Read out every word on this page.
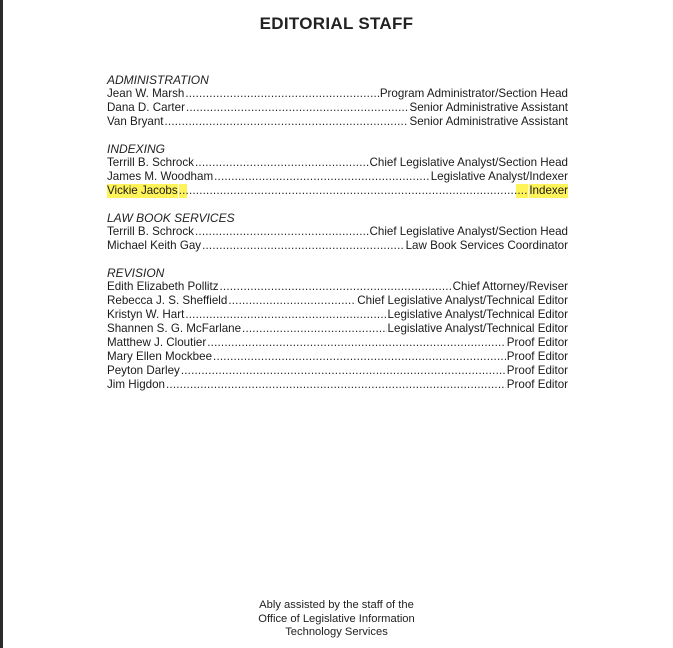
EDITORIAL STAFF
ADMINISTRATION
Jean W. Marsh .....	Program Administrator/Section Head
Dana D. Carter .....	Senior Administrative Assistant
Van Bryant .....	Senior Administrative Assistant
INDEXING
Terrill B. Schrock .....	Chief Legislative Analyst/Section Head
James M. Woodham .....	Legislative Analyst/Indexer
Vickie Jacobs .....	Indexer
LAW BOOK SERVICES
Terrill B. Schrock .....	Chief Legislative Analyst/Section Head
Michael Keith Gay .....	Law Book Services Coordinator
REVISION
Edith Elizabeth Pollitz .....	Chief Attorney/Reviser
Rebecca J. S. Sheffield .....	Chief Legislative Analyst/Technical Editor
Kristyn W. Hart .....	Legislative Analyst/Technical Editor
Shannen S. G. McFarlane .....	Legislative Analyst/Technical Editor
Matthew J. Cloutier .....	Proof Editor
Mary Ellen Mockbee .....	Proof Editor
Peyton Darley .....	Proof Editor
Jim Higdon .....	Proof Editor
Ably assisted by the staff of the
Office of Legislative Information
Technology Services
